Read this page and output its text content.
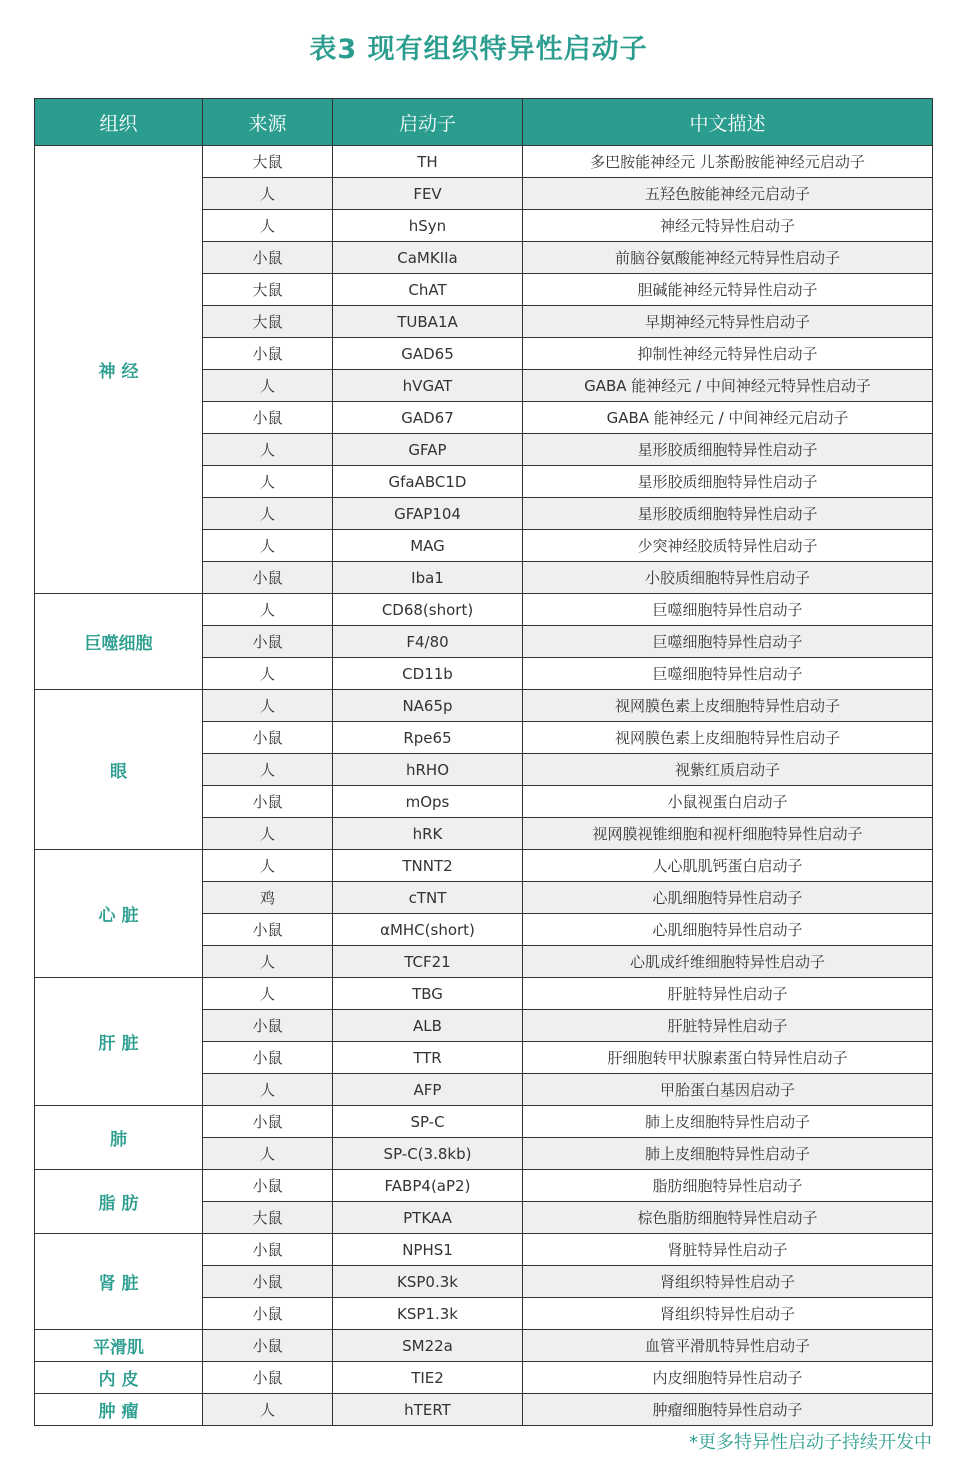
表3 现有组织特异性启动子
组织	来源	启动子	中文描述
神 经	大鼠	TH	多巴胺能神经元 儿茶酚胺能神经元启动子
	人	FEV	五羟色胺能神经元启动子
	人	hSyn	神经元特异性启动子
	小鼠	CaMKIIa	前脑谷氨酸能神经元特异性启动子
	大鼠	ChAT	胆碱能神经元特异性启动子
	大鼠	TUBA1A	早期神经元特异性启动子
	小鼠	GAD65	抑制性神经元特异性启动子
	人	hVGAT	GABA 能神经元 / 中间神经元特异性启动子
	小鼠	GAD67	GABA 能神经元 / 中间神经元启动子
	人	GFAP	星形胶质细胞特异性启动子
	人	GfaABC1D	星形胶质细胞特异性启动子
	人	GFAP104	星形胶质细胞特异性启动子
	人	MAG	少突神经胶质特异性启动子
	小鼠	Iba1	小胶质细胞特异性启动子
巨噬细胞	人	CD68(short)	巨噬细胞特异性启动子
	小鼠	F4/80	巨噬细胞特异性启动子
	人	CD11b	巨噬细胞特异性启动子
眼	人	NA65p	视网膜色素上皮细胞特异性启动子
	小鼠	Rpe65	视网膜色素上皮细胞特异性启动子
	人	hRHO	视紫红质启动子
	小鼠	mOps	小鼠视蛋白启动子
	人	hRK	视网膜视锥细胞和视杆细胞特异性启动子
心 脏	人	TNNT2	人心肌肌钙蛋白启动子
	鸡	cTNT	心肌细胞特异性启动子
	小鼠	αMHC(short)	心肌细胞特异性启动子
	人	TCF21	心肌成纤维细胞特异性启动子
肝 脏	人	TBG	肝脏特异性启动子
	小鼠	ALB	肝脏特异性启动子
	小鼠	TTR	肝细胞转甲状腺素蛋白特异性启动子
	人	AFP	甲胎蛋白基因启动子
肺	小鼠	SP-C	肺上皮细胞特异性启动子
	人	SP-C(3.8kb)	肺上皮细胞特异性启动子
脂 肪	小鼠	FABP4(aP2)	脂肪细胞特异性启动子
	大鼠	PTKAA	棕色脂肪细胞特异性启动子
肾 脏	小鼠	NPHS1	肾脏特异性启动子
	小鼠	KSP0.3k	肾组织特异性启动子
	小鼠	KSP1.3k	肾组织特异性启动子
平滑肌	小鼠	SM22a	血管平滑肌特异性启动子
内 皮	小鼠	TIE2	内皮细胞特异性启动子
肿 瘤	人	hTERT	肿瘤细胞特异性启动子
*更多特异性启动子持续开发中
